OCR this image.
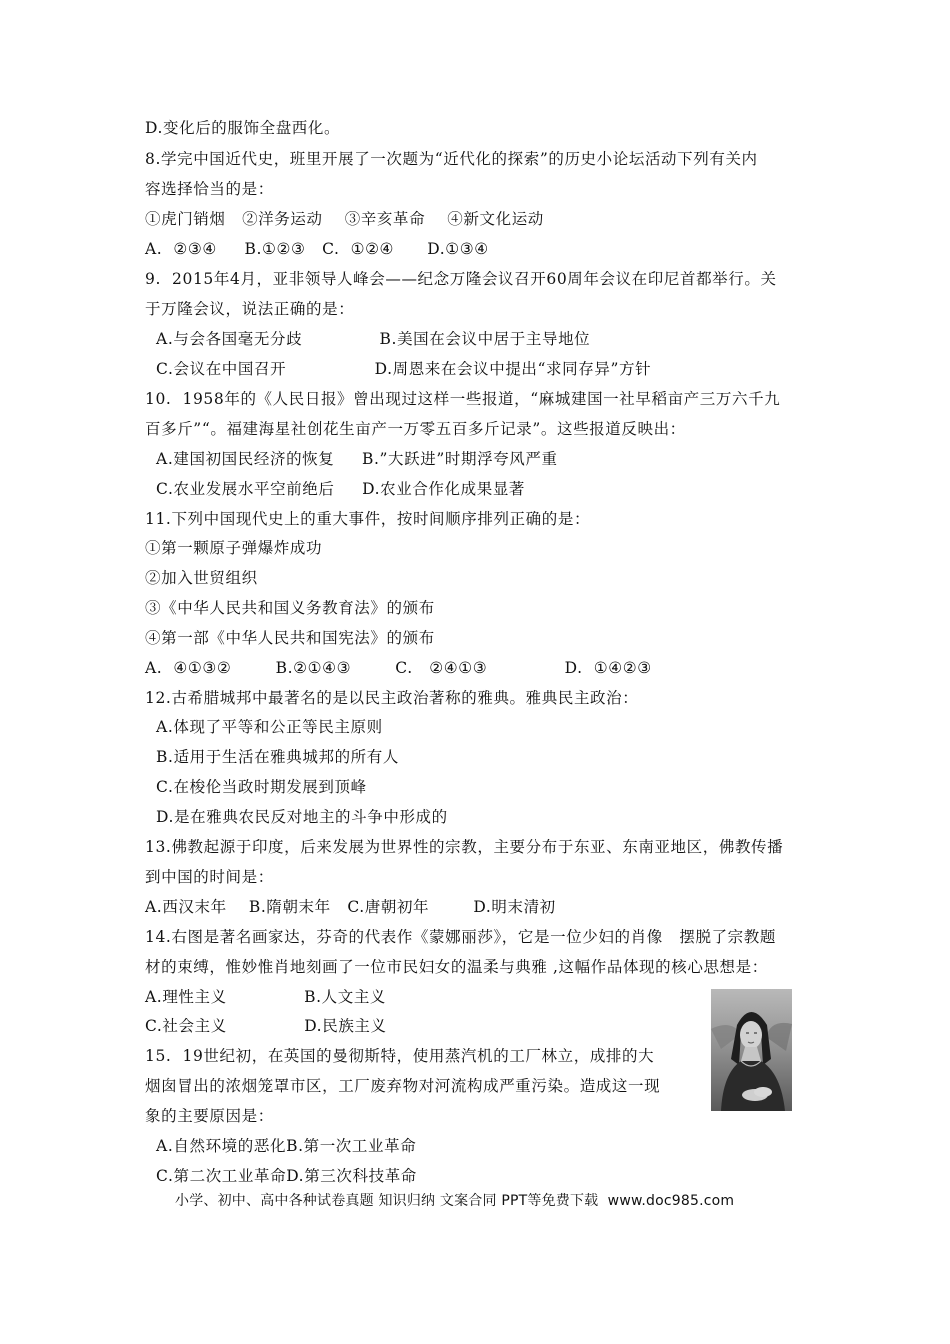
D.变化后的服饰全盘西化。
8.学完中国近代史，班里开展了一次题为“近代化的探索”的历史小论坛活动下列有关内
容选择恰当的是：
①虎门销烟   ②洋务运动    ③辛亥革命    ④新文化运动
A.  ②③④     B.①②③   C.  ①②④      D.①③④
9.  2015年4月，亚非领导人峰会——纪念万隆会议召开60周年会议在印尼首都举行。关
于万隆会议，说法正确的是：
A.与会各国毫无分歧              B.美国在会议中居于主导地位
C.会议在中国召开                D.周恩来在会议中提出“求同存异”方针
10.  1958年的《人民日报》曾出现过这样一些报道，“麻城建国一社早稻亩产三万六千九
百多斤”“。福建海星社创花生亩产一万零五百多斤记录”。这些报道反映出：
A.建国初国民经济的恢复     B.”大跃进”时期浮夸风严重
C.农业发展水平空前绝后     D.农业合作化成果显著
11.下列中国现代史上的重大事件，按时间顺序排列正确的是：
①第一颗原子弹爆炸成功
②加入世贸组织
③《中华人民共和国义务教育法》的颁布
④第一部《中华人民共和国宪法》的颁布
A.  ④①③②        B.②①④③        C.   ②④①③              D.  ①④②③
12.古希腊城邦中最著名的是以民主政治著称的雅典。雅典民主政治：
A.体现了平等和公正等民主原则
B.适用于生活在雅典城邦的所有人
C.在梭伦当政时期发展到顶峰
D.是在雅典农民反对地主的斗争中形成的
13.佛教起源于印度，后来发展为世界性的宗教，主要分布于东亚、东南亚地区，佛教传播
到中国的时间是：
A.西汉末年    B.隋朝末年   C.唐朝初年        D.明末清初
14.右图是著名画家达，芬奇的代表作《蒙娜丽莎》，它是一位少妇的肖像   摆脱了宗教题
材的束缚，惟妙惟肖地刻画了一位市民妇女的温柔与典雅 ,这幅作品体现的核心思想是：
A.理性主义              B.人文主义
C.社会主义              D.民族主义
15.  19世纪初，在英国的曼彻斯特，使用蒸汽机的工厂林立，成排的大
烟囱冒出的浓烟笼罩市区，工厂废弃物对河流构成严重污染。造成这一现
象的主要原因是：
A.自然环境的恶化B.第一次工业革命
C.第二次工业革命D.第三次科技革命
小学、初中、高中各种试卷真题 知识归纳 文案合同 PPT等免费下载  www.doc985.com
